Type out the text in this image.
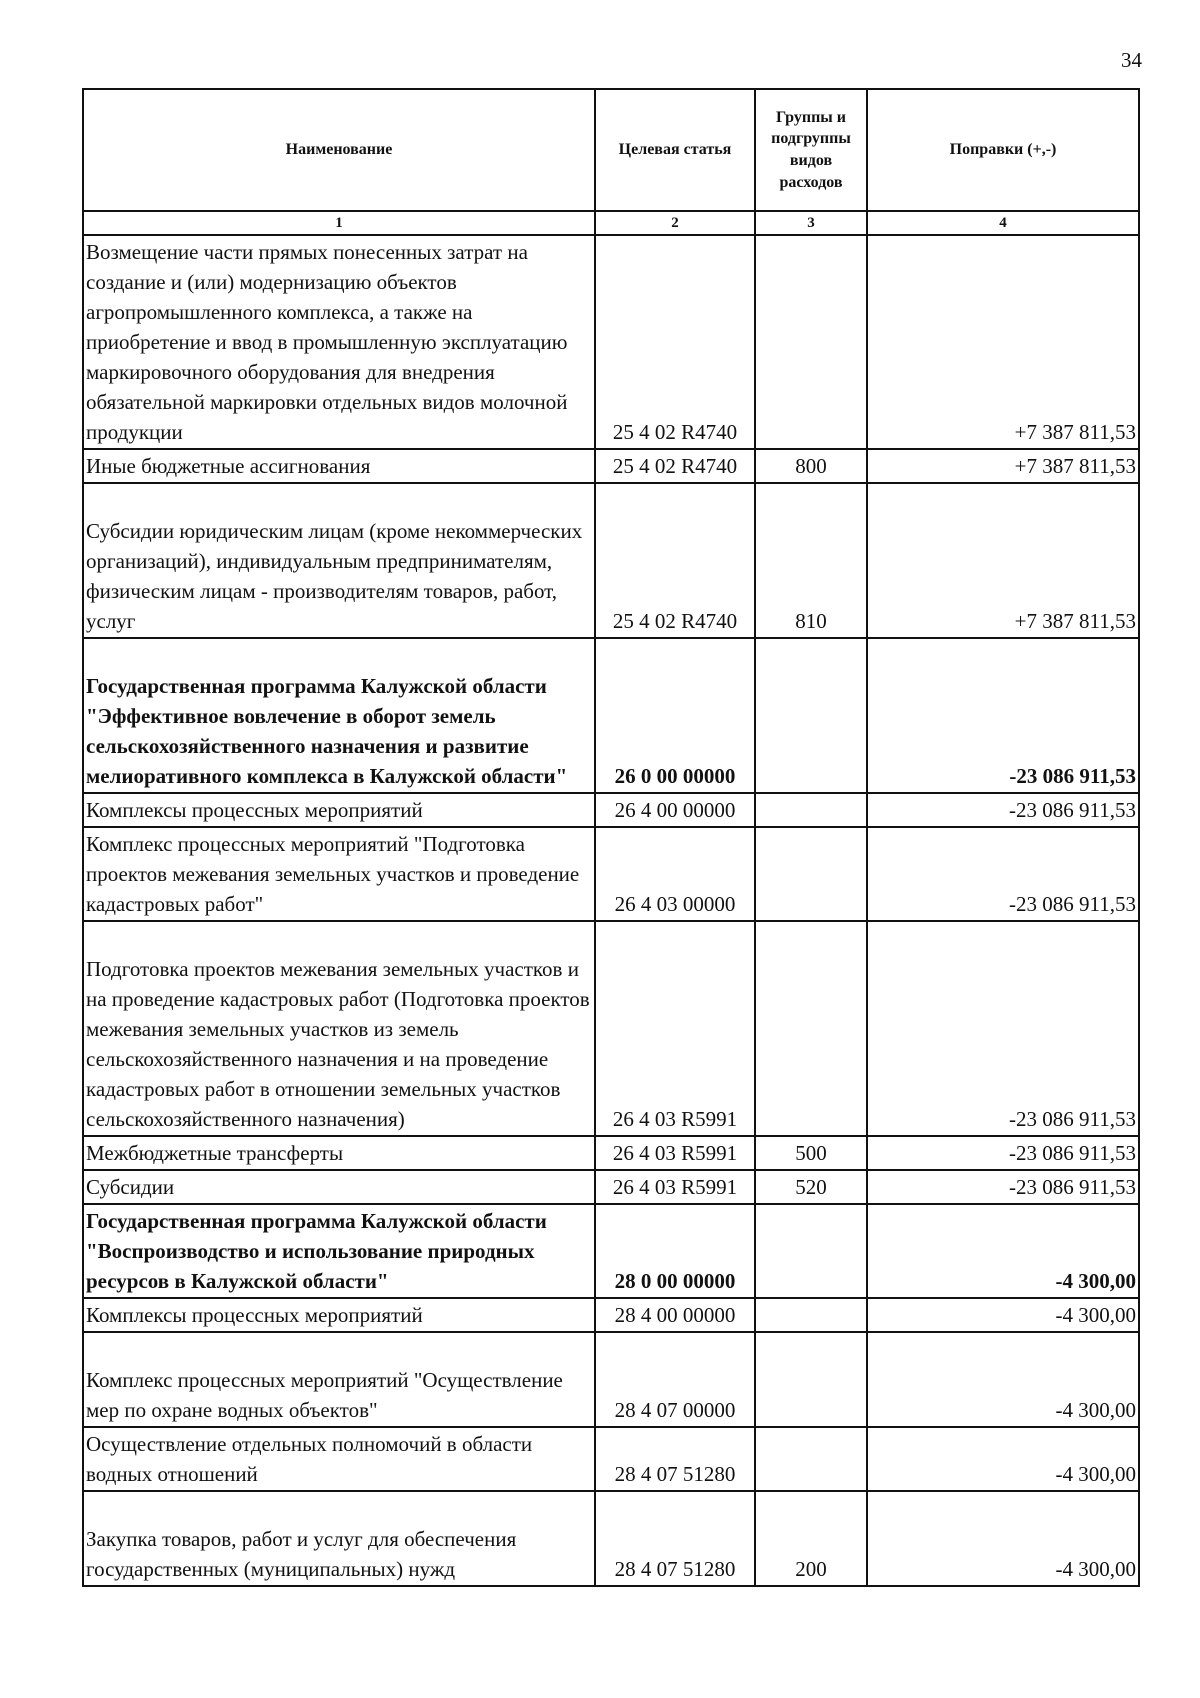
34
Наименование	Целевая статья	Группы и подгруппы видов расходов	Поправки (+,-)
1	2	3	4
Возмещение части прямых понесенных затрат на создание и (или) модернизацию объектов агропромышленного комплекса, а также на приобретение и ввод в промышленную эксплуатацию маркировочного оборудования для внедрения обязательной маркировки отдельных видов молочной продукции	25 4 02 R4740		+7 387 811,53
Иные бюджетные ассигнования	25 4 02 R4740	800	+7 387 811,53
Субсидии юридическим лицам (кроме некоммерческих организаций), индивидуальным предпринимателям, физическим лицам - производителям товаров, работ, услуг	25 4 02 R4740	810	+7 387 811,53
Государственная программа Калужской области "Эффективное вовлечение в оборот земель сельскохозяйственного назначения и развитие мелиоративного комплекса в Калужской области"	26 0 00 00000		-23 086 911,53
Комплексы процессных мероприятий	26 4 00 00000		-23 086 911,53
Комплекс процессных мероприятий "Подготовка проектов межевания земельных участков и проведение кадастровых работ"	26 4 03 00000		-23 086 911,53
Подготовка проектов межевания земельных участков и на проведение кадастровых работ (Подготовка проектов межевания земельных участков из земель сельскохозяйственного назначения и на проведение кадастровых работ в отношении земельных участков сельскохозяйственного назначения)	26 4 03 R5991		-23 086 911,53
Межбюджетные трансферты	26 4 03 R5991	500	-23 086 911,53
Субсидии	26 4 03 R5991	520	-23 086 911,53
Государственная программа Калужской области "Воспроизводство и использование природных ресурсов в Калужской области"	28 0 00 00000		-4 300,00
Комплексы процессных мероприятий	28 4 00 00000		-4 300,00
Комплекс процессных мероприятий "Осуществление мер по охране водных объектов"	28 4 07 00000		-4 300,00
Осуществление отдельных полномочий в области водных отношений	28 4 07 51280		-4 300,00
Закупка товаров, работ и услуг для обеспечения государственных (муниципальных) нужд	28 4 07 51280	200	-4 300,00
